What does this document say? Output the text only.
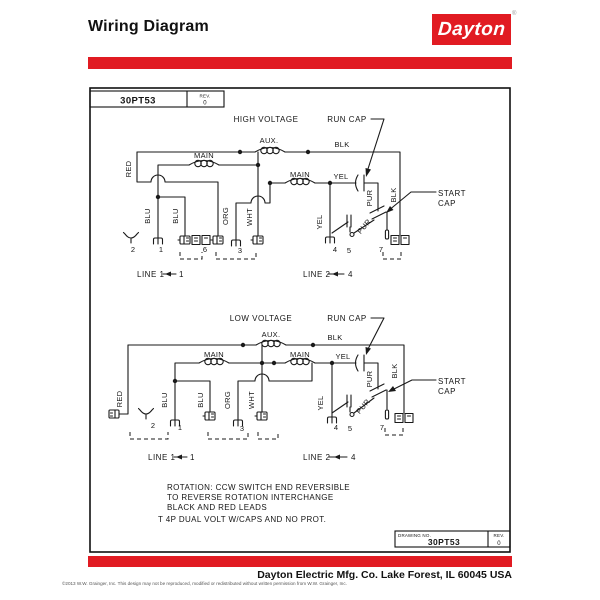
Wiring Diagram	Dayton
®
30PT53	REV.
0
HIGH VOLTAGE	RUN CAP
AUX.	BLK
MAIN
MAIN	YEL
RED
BLU	BLU	ORG WHT	YEL
PUR BLK
PUR
START
CAP
2	1	6	3	4 5	7
LINE 1 1	LINE 2 4
LOW VOLTAGE	RUN CAP
AUX.	BLK
MAIN	MAIN	YEL
RED	BLU	BLU ORG WHT	YEL
PUR BLK
PUR
START
CAP
2	1	3	4 5	7
LINE 1 1	LINE 2	4
ROTATION: CCW SWITCH END REVERSIBLE
TO REVERSE ROTATION INTERCHANGE
BLACK AND RED LEADS
T 4P DUAL VOLT W/CAPS AND NO PROT.
DRAWING NO.
30PT53
REV.
0
Dayton Electric Mfg. Co. Lake Forest, IL 60045 USA
©2013 W.W. Grainger, Inc. This design may not be reproduced, modified or redistributed without written permission from W.W. Grainger, Inc.
